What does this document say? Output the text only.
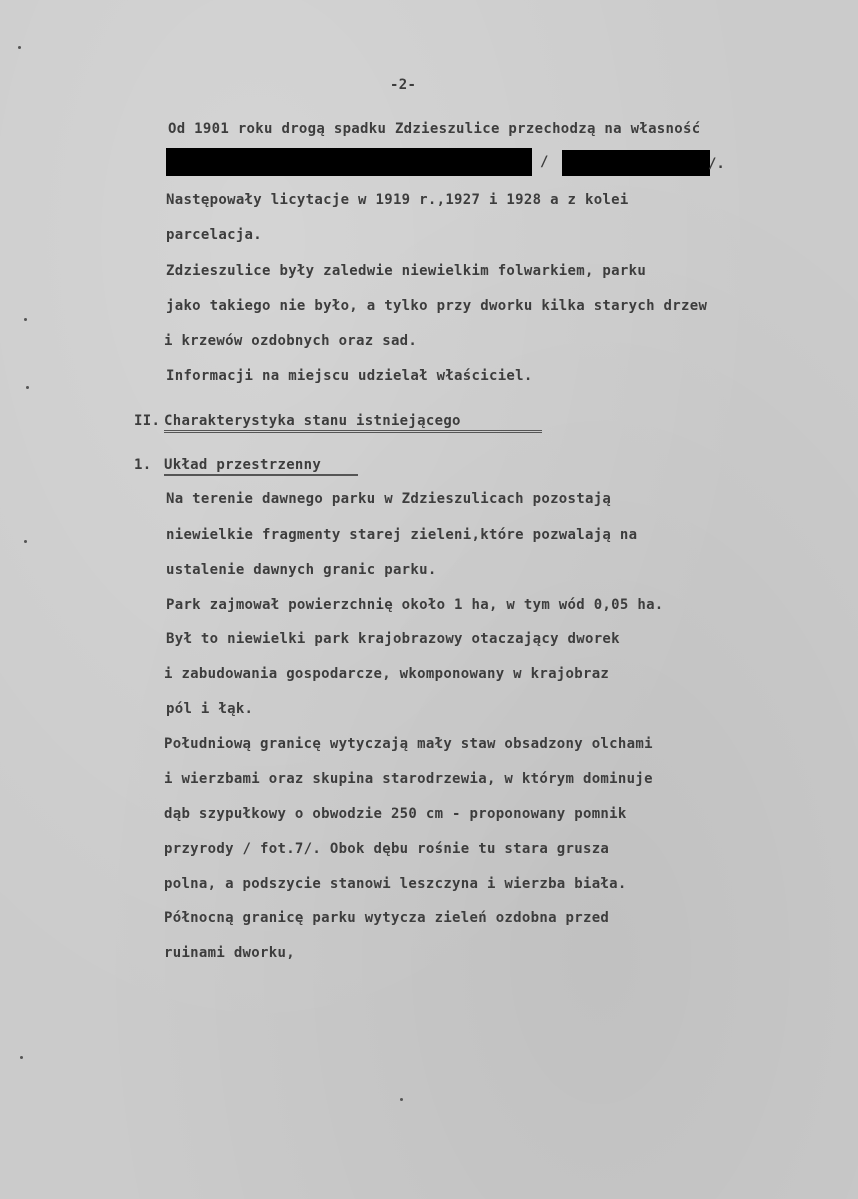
-2-
Od 1901 roku drogą spadku Zdzieszulice przechodzą na własność
/	/.
Następowały licytacje w 1919 r.,1927 i 1928 a z kolei
parcelacja.
Zdzieszulice były zaledwie niewielkim folwarkiem, parku
jako takiego nie było, a tylko przy dworku kilka starych drzew
i krzewów ozdobnych oraz sad.
Informacji na miejscu udzielał właściciel.
II. Charakterystyka stanu istniejącego
1. Układ przestrzenny
Na terenie dawnego parku w Zdzieszulicach pozostają
niewielkie fragmenty starej zieleni,które pozwalają na
ustalenie dawnych granic parku.
Park zajmował powierzchnię około 1 ha, w tym wód 0,05 ha.
Był to niewielki park krajobrazowy otaczający dworek
i zabudowania gospodarcze, wkomponowany w krajobraz
pól i łąk.
Południową granicę wytyczają mały staw obsadzony olchami
i wierzbami oraz skupina starodrzewia, w którym dominuje
dąb szypułkowy o obwodzie 250 cm - proponowany pomnik
przyrody / fot.7/. Obok dębu rośnie tu stara grusza
polna, a podszycie stanowi leszczyna i wierzba biała.
Północną granicę parku wytycza zieleń ozdobna przed
ruinami dworku,
